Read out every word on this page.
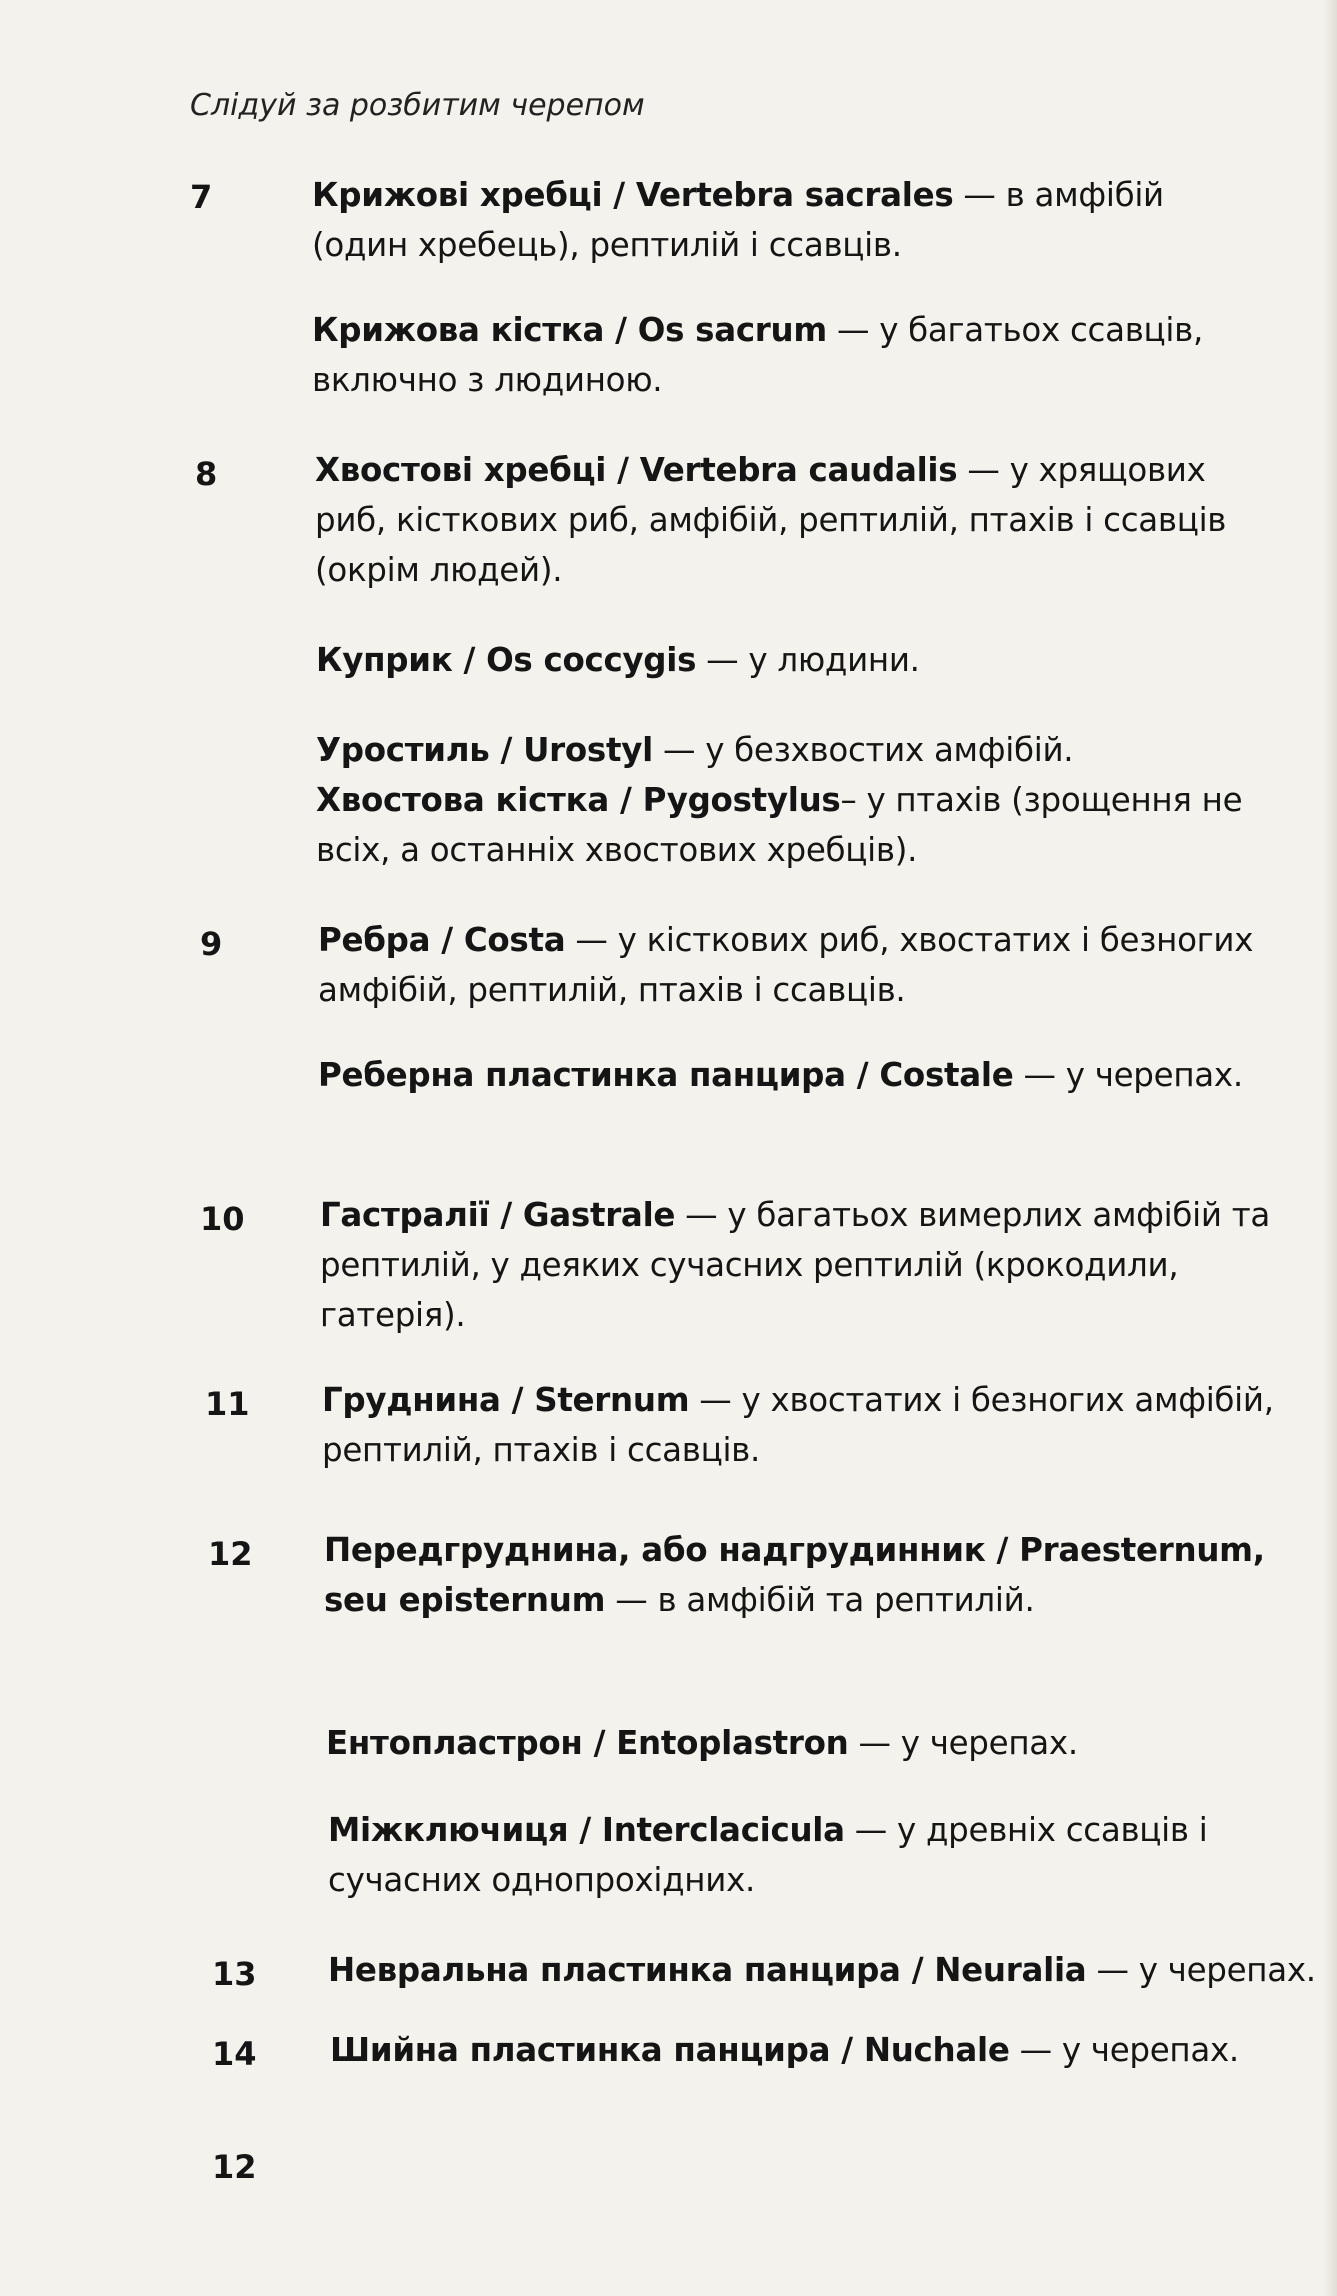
Слідуй за розбитим черепом
7	Крижові хребці / Vertebra sacrales — в амфібій (один хребець), рептилій і ссавців.
Крижова кістка / Os sacrum — у багатьох ссавців, включно з людиною.
8	Хвостові хребці / Vertebra caudalis — у хрящових риб, кісткових риб, амфібій, рептилій, птахів і ссавців (окрім людей).
Куприк / Os coccygis — у людини.
Уростиль / Urostyl — у безхвостих амфібій.
Хвостова кістка / Pygostylus– у птахів (зрощення не всіх, а останніх хвостових хребців).
9	Ребра / Costa — у кісткових риб, хвостатих і безногих амфібій, рептилій, птахів і ссавців.
Реберна пластинка панцира / Costale — у черепах.
10 Гастралії / Gastrale — у багатьох вимерлих амфібій та рептилій, у деяких сучасних рептилій (крокодили, гатерія).
11 Груднина / Sternum — у хвостатих і безногих амфібій, рептилій, птахів і ссавців.
12 Передгруднина, або надгрудинник / Praesternum, seu episternum — в амфібій та рептилій.
Ентопластрон / Entoplastron — у черепах.
Міжключиця / Interclacicula — у древніх ссавців і сучасних однопрохідних.
13 Невральна пластинка панцира / Neuralia — у черепах.
14 Шийна пластинка панцира / Nuchale — у черепах.
12
